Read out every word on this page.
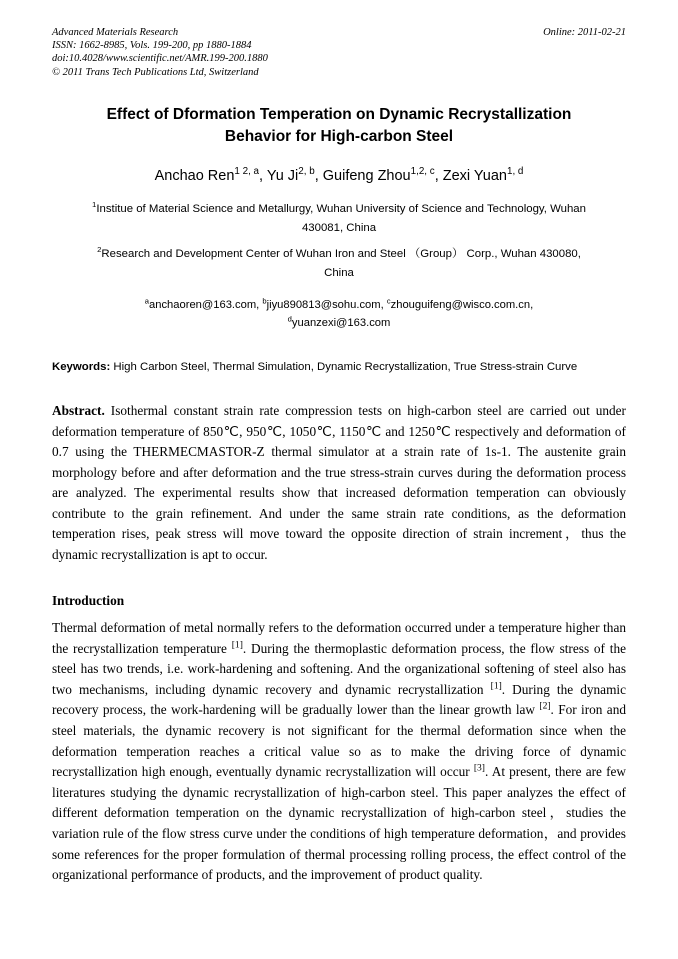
Advanced Materials Research
ISSN: 1662-8985, Vols. 199-200, pp 1880-1884
doi:10.4028/www.scientific.net/AMR.199-200.1880
© 2011 Trans Tech Publications Ltd, Switzerland
Online: 2011-02-21
Effect of Dformation Temperation on Dynamic Recrystallization
Behavior for High-carbon Steel
Anchao Ren$^{1 2, a}$, Yu Ji$^{2, b}$, Guifeng Zhou$^{1,2, c}$, Zexi Yuan$^{1, d}$
$^1$Institue of Material Science and Metallurgy, Wuhan University of Science and Technology, Wuhan
430081, China
$^2$Research and Development Center of Wuhan Iron and Steel （Group） Corp., Wuhan 430080,
China
$^a$anchaoren@163.com, $^b$jiyu890813@sohu.com, $^c$zhouguifeng@wisco.com.cn,
$^d$yuanzexi@163.com
Keywords: High Carbon Steel, Thermal Simulation, Dynamic Recrystallization, True Stress-strain Curve
Abstract. Isothermal constant strain rate compression tests on high-carbon steel are carried out under deformation temperature of 850℃, 950℃, 1050℃, 1150℃ and 1250℃ respectively and deformation of 0.7 using the THERMECMASTOR-Z thermal simulator at a strain rate of 1s-1. The austenite grain morphology before and after deformation and the true stress-strain curves during the deformation process are analyzed. The experimental results show that increased deformation temperation can obviously contribute to the grain refinement. And under the same strain rate conditions, as the deformation temperation rises, peak stress will move toward the opposite direction of strain increment，thus the dynamic recrystallization is apt to occur.
Introduction
Thermal deformation of metal normally refers to the deformation occurred under a temperature higher than the recrystallization temperature [1]. During the thermoplastic deformation process, the flow stress of the steel has two trends, i.e. work-hardening and softening. And the organizational softening of steel also has two mechanisms, including dynamic recovery and dynamic recrystallization [1]. During the dynamic recovery process, the work-hardening will be gradually lower than the linear growth law [2]. For iron and steel materials, the dynamic recovery is not significant for the thermal deformation since when the deformation temperation reaches a critical value so as to make the driving force of dynamic recrystallization high enough, eventually dynamic recrystallization will occur [3]. At present, there are few literatures studying the dynamic recrystallization of high-carbon steel. This paper analyzes the effect of different deformation temperation on the dynamic recrystallization of high-carbon steel，studies the variation rule of the flow stress curve under the conditions of high temperature deformation，and provides some references for the proper formulation of thermal processing rolling process, the effect control of the organizational performance of products, and the improvement of product quality.
